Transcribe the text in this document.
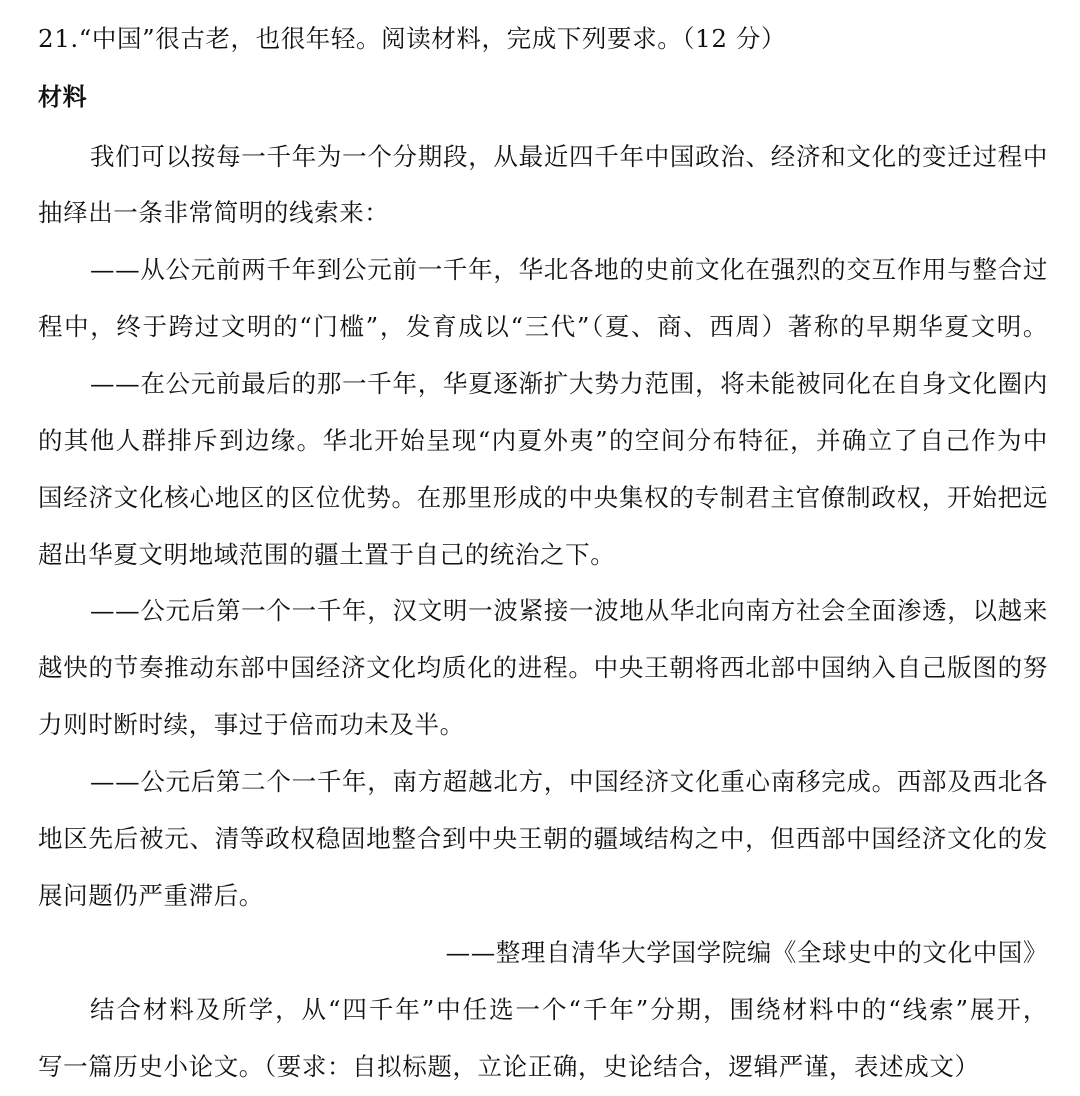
21.“中国”很古老，也很年轻。阅读材料，完成下列要求。（12 分）
材料
我们可以按每一千年为一个分期段，从最近四千年中国政治、经济和文化的变迁过程中
抽绎出一条非常简明的线索来：
——从公元前两千年到公元前一千年，华北各地的史前文化在强烈的交互作用与整合过
程中，终于跨过文明的“门槛”，发育成以“三代”（夏、商、西周）著称的早期华夏文明。
——在公元前最后的那一千年，华夏逐渐扩大势力范围，将未能被同化在自身文化圈内
的其他人群排斥到边缘。华北开始呈现“内夏外夷”的空间分布特征，并确立了自己作为中
国经济文化核心地区的区位优势。在那里形成的中央集权的专制君主官僚制政权，开始把远
超出华夏文明地域范围的疆土置于自己的统治之下。
——公元后第一个一千年，汉文明一波紧接一波地从华北向南方社会全面渗透，以越来
越快的节奏推动东部中国经济文化均质化的进程。中央王朝将西北部中国纳入自己版图的努
力则时断时续，事过于倍而功未及半。
——公元后第二个一千年，南方超越北方，中国经济文化重心南移完成。西部及西北各
地区先后被元、清等政权稳固地整合到中央王朝的疆域结构之中，但西部中国经济文化的发
展问题仍严重滞后。
——整理自清华大学国学院编《全球史中的文化中国》
结合材料及所学，从“四千年”中任选一个“千年”分期，围绕材料中的“线索”展开，
写一篇历史小论文。（要求：自拟标题，立论正确，史论结合，逻辑严谨，表述成文）
